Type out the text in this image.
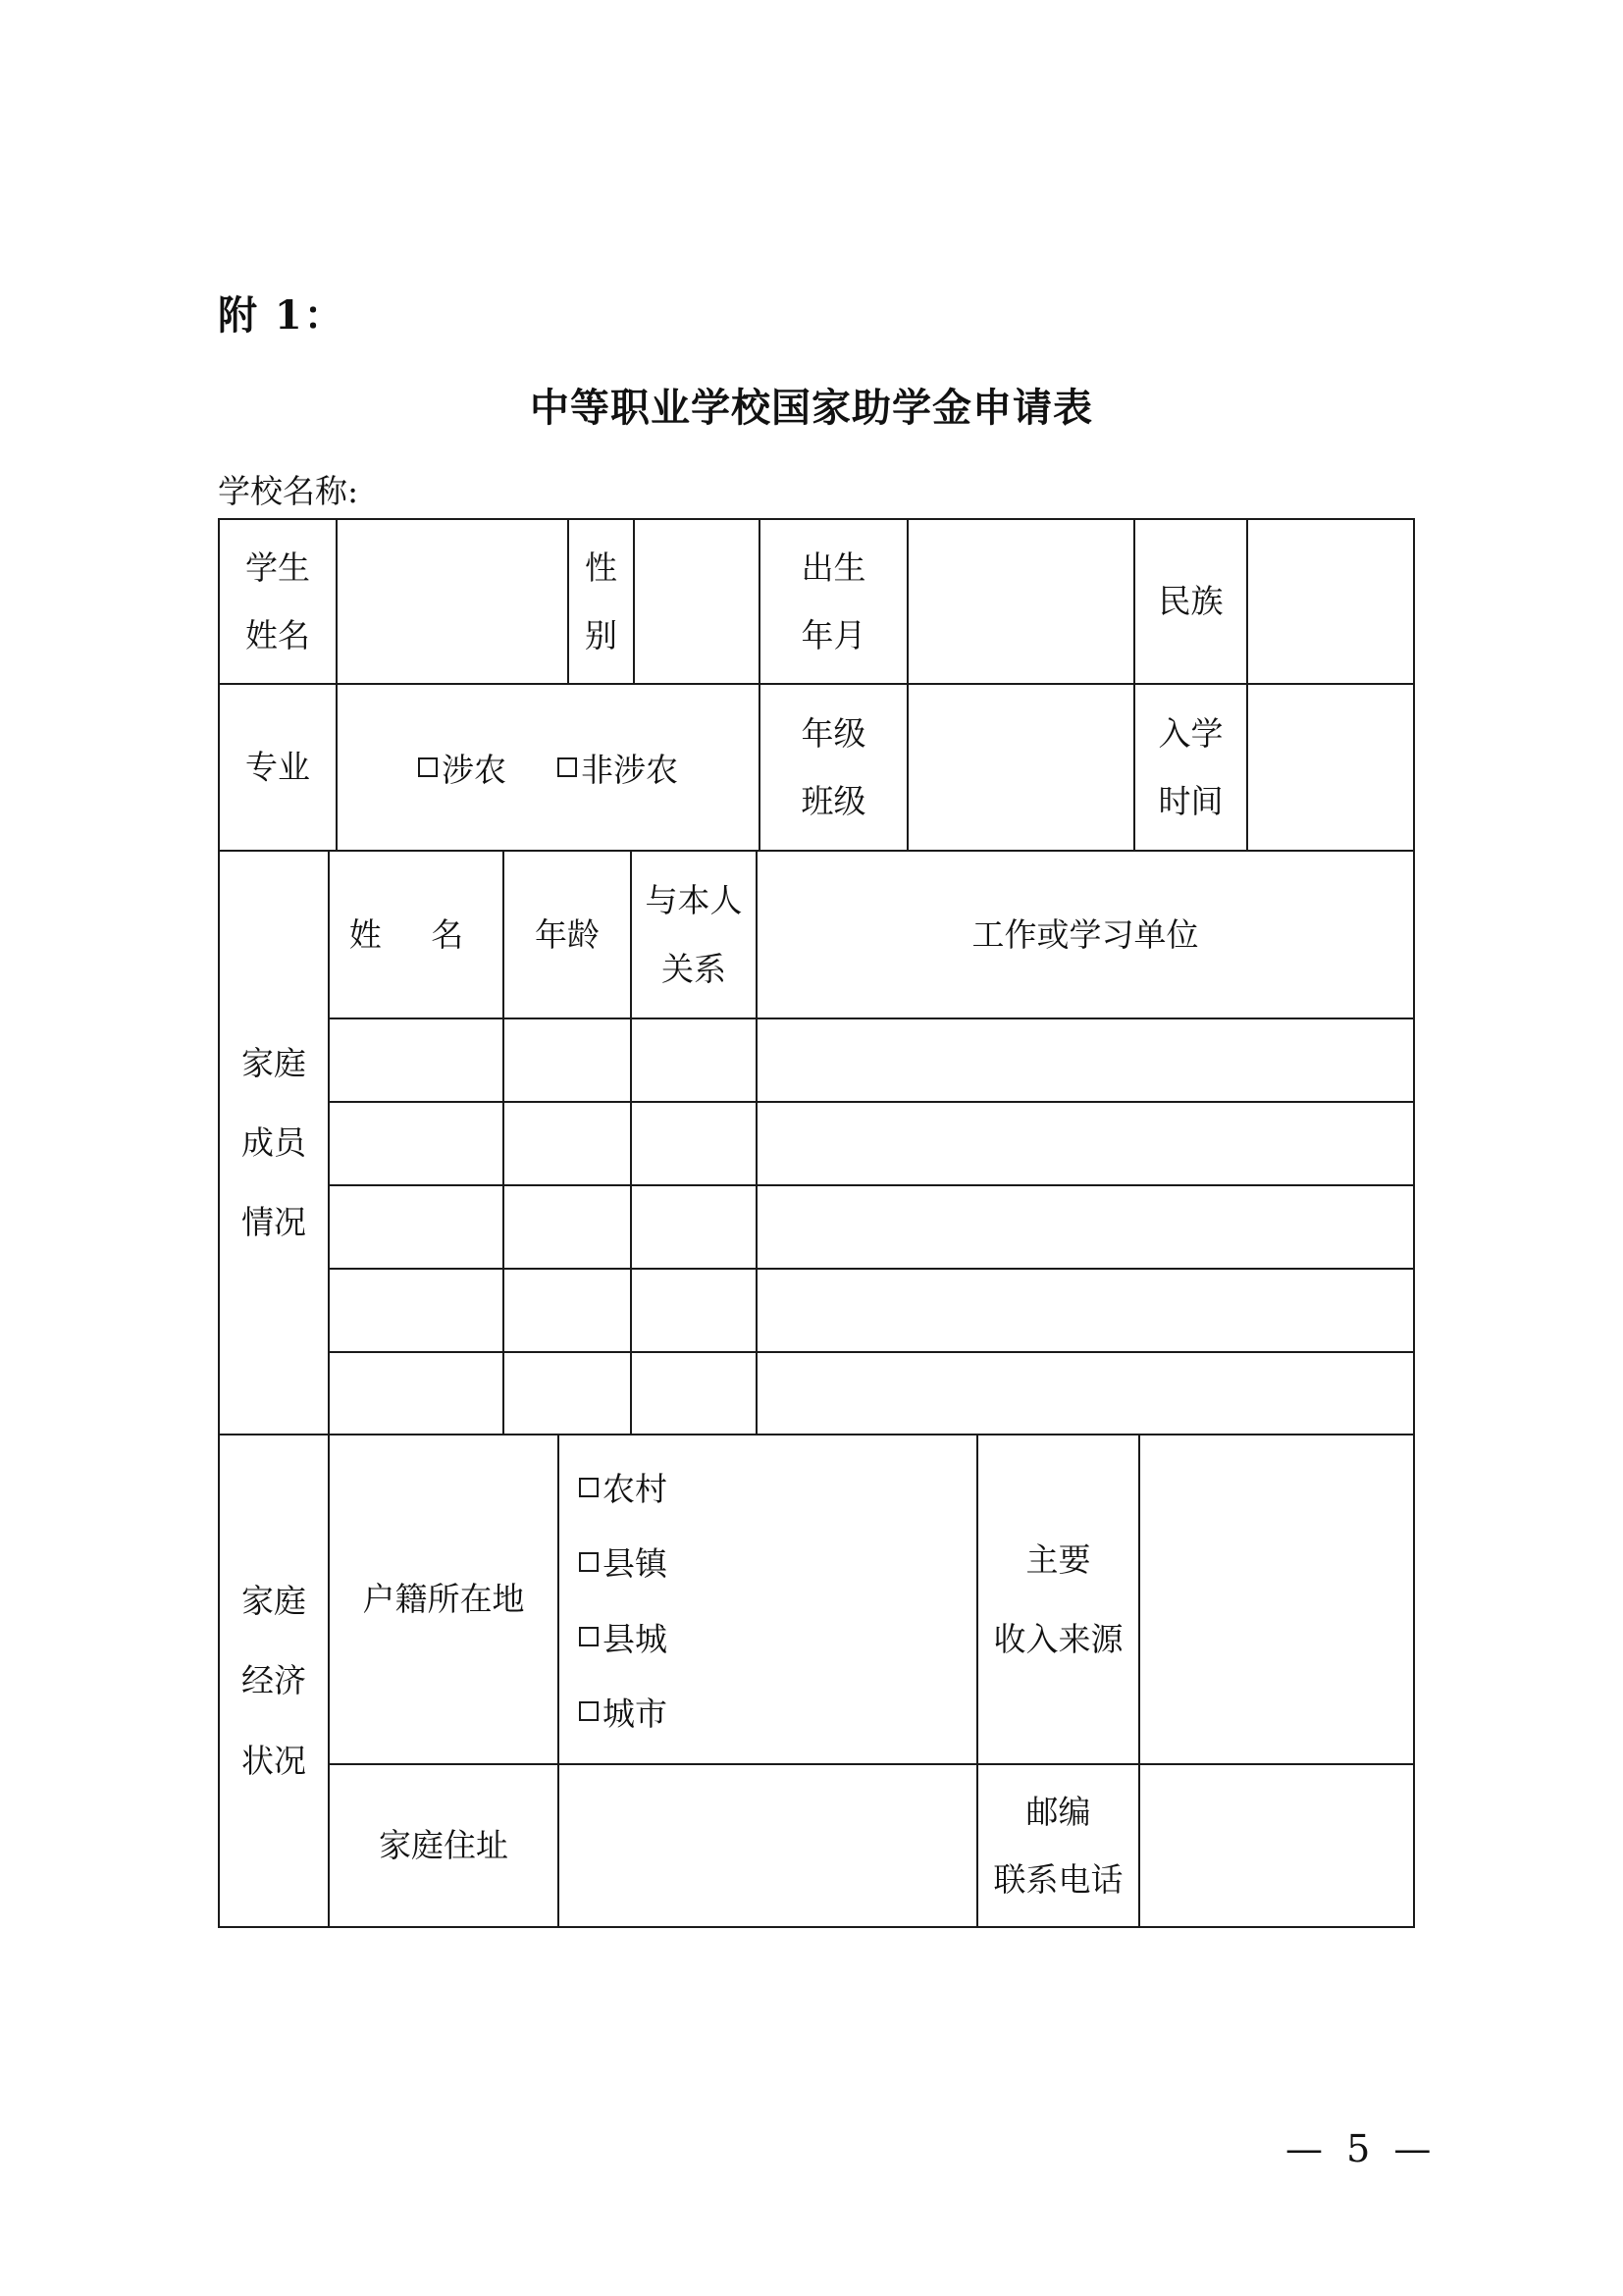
附 1：
中等职业学校国家助学金申请表
学校名称:
学生
姓名
性
别
出生
年月
民族
专业	涉农 非涉农
年级
班级
入学
时间
家庭
成员
情况
姓 名 年龄
与本人
关系
工作或学习单位
家庭
经济
状况
户籍所在地
农村
县镇
县城
城市
主要
收入来源
家庭住址
邮编
联系电话
— 5 —
